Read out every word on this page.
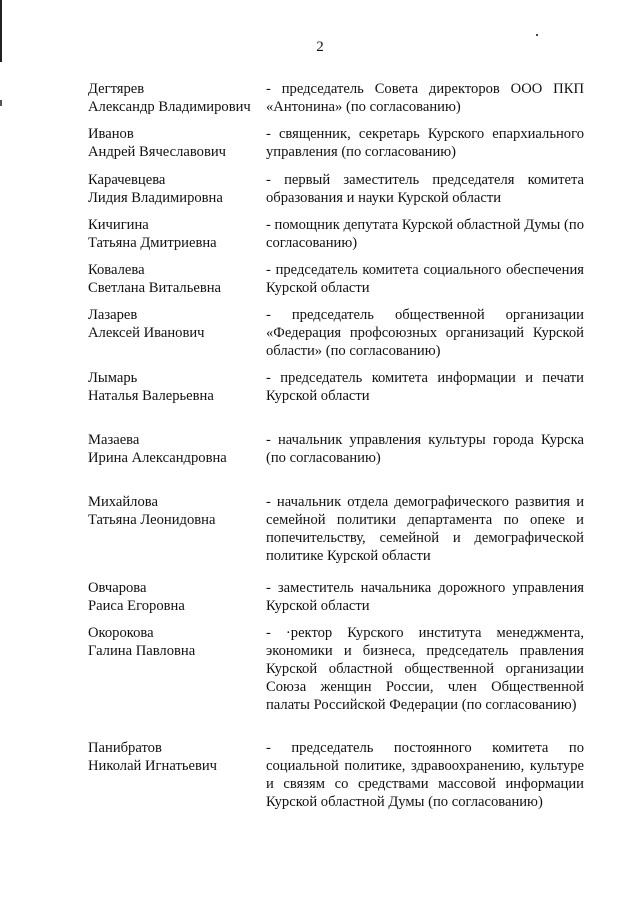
2
Дегтярев
Александр Владимирович
- председатель Совета директоров ООО ПКП «Антонина» (по согласованию)
Иванов
Андрей Вячеславович
- священник, секретарь Курского епархиального управления (по согласованию)
Карачевцева
Лидия Владимировна
- первый заместитель председателя комитета образования и науки Курской области
Кичигина
Татьяна Дмитриевна
- помощник депутата Курской областной Думы (по согласованию)
Ковалева
Светлана Витальевна
- председатель комитета социального обеспечения Курской области
Лазарев
Алексей Иванович
- председатель общественной организации «Федерация профсоюзных организаций Курской области» (по согласованию)
Лымарь
Наталья Валерьевна
- председатель комитета информации и печати Курской области
Мазаева
Ирина Александровна
- начальник управления культуры города Курска (по согласованию)
Михайлова
Татьяна Леонидовна
- начальник отдела демографического развития и семейной политики департамента по опеке и попечительству, семейной и демографической политике Курской области
Овчарова
Раиса Егоровна
- заместитель начальника дорожного управления Курской области
Окорокова
Галина Павловна
- ·ректор Курского института менеджмента, экономики и бизнеса, председатель правления Курской областной общественной организации Союза женщин России, член Общественной палаты Российской Федерации (по согласованию)
Панибратов
Николай Игнатьевич
- председатель постоянного комитета по социальной политике, здравоохранению, культуре и связям со средствами массовой информации Курской областной Думы (по согласованию)
